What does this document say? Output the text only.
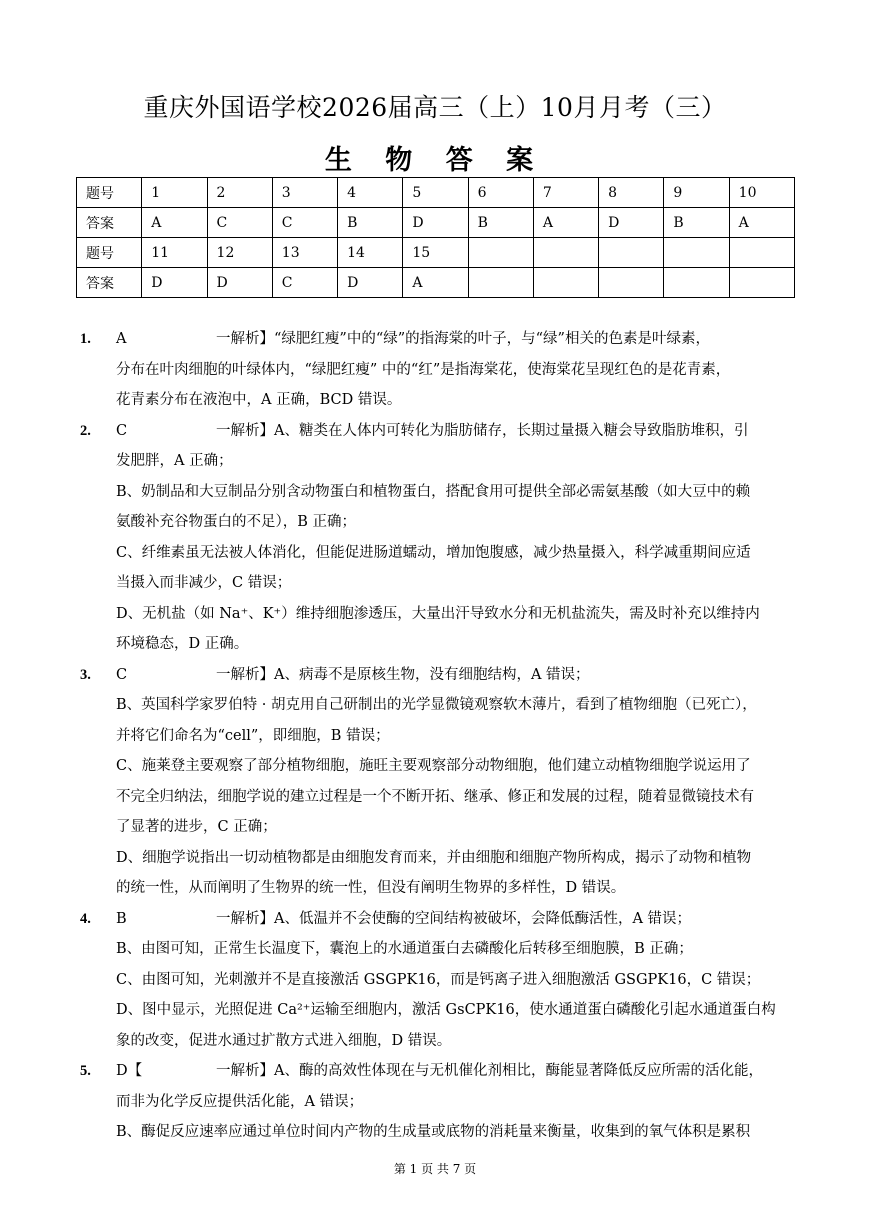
重庆外国语学校2026届高三（上）10月月考（三）
生 物 答 案
题号	1	2	3	4	5	6	7	8	9	10
答案	A	C	C	B	D	B	A	D	B	A
题号	11	12	13	14	15					
答案	D	D	C	D	A					
1. A	一解析】“绿肥红瘦”中的“绿”的指海棠的叶子，与“绿”相关的色素是叶绿素，
分布在叶肉细胞的叶绿体内，“绿肥红瘦” 中的“红”是指海棠花，使海棠花呈现红色的是花青素，
花青素分布在液泡中，A 正确，BCD 错误。
2. C	一解析】A、糖类在人体内可转化为脂肪储存，长期过量摄入糖会导致脂肪堆积，引
发肥胖，A 正确；
B、奶制品和大豆制品分别含动物蛋白和植物蛋白，搭配食用可提供全部必需氨基酸（如大豆中的赖
氨酸补充谷物蛋白的不足），B 正确；
C、纤维素虽无法被人体消化，但能促进肠道蠕动，增加饱腹感，减少热量摄入，科学减重期间应适
当摄入而非减少，C 错误；
D、无机盐（如 Na⁺、K⁺）维持细胞渗透压，大量出汗导致水分和无机盐流失，需及时补充以维持内
环境稳态，D 正确。
3. C	一解析】A、病毒不是原核生物，没有细胞结构，A 错误；
B、英国科学家罗伯特 · 胡克用自己研制出的光学显微镜观察软木薄片，看到了植物细胞（已死亡），
并将它们命名为“cell”，即细胞，B 错误；
C、施莱登主要观察了部分植物细胞，施旺主要观察部分动物细胞，他们建立动植物细胞学说运用了
不完全归纳法，细胞学说的建立过程是一个不断开拓、继承、修正和发展的过程，随着显微镜技术有
了显著的进步，C 正确；
D、细胞学说指出一切动植物都是由细胞发育而来，并由细胞和细胞产物所构成，揭示了动物和植物
的统一性，从而阐明了生物界的统一性，但没有阐明生物界的多样性，D 错误。
4. B	一解析】A、低温并不会使酶的空间结构被破坏，会降低酶活性，A 错误；
B、由图可知，正常生长温度下，囊泡上的水通道蛋白去磷酸化后转移至细胞膜，B 正确；
C、由图可知，光刺激并不是直接激活 GSGPK16，而是钙离子进入细胞激活 GSGPK16，C 错误；
D、图中显示，光照促进 Ca²⁺运输至细胞内，激活 GsCPK16，使水通道蛋白磷酸化引起水通道蛋白构
象的改变，促进水通过扩散方式进入细胞，D 错误。
5. D【	一解析】A、酶的高效性体现在与无机催化剂相比，酶能显著降低反应所需的活化能，
而非为化学反应提供活化能，A 错误；
B、酶促反应速率应通过单位时间内产物的生成量或底物的消耗量来衡量，收集到的氧气体积是累积
第 1 页 共 7 页
